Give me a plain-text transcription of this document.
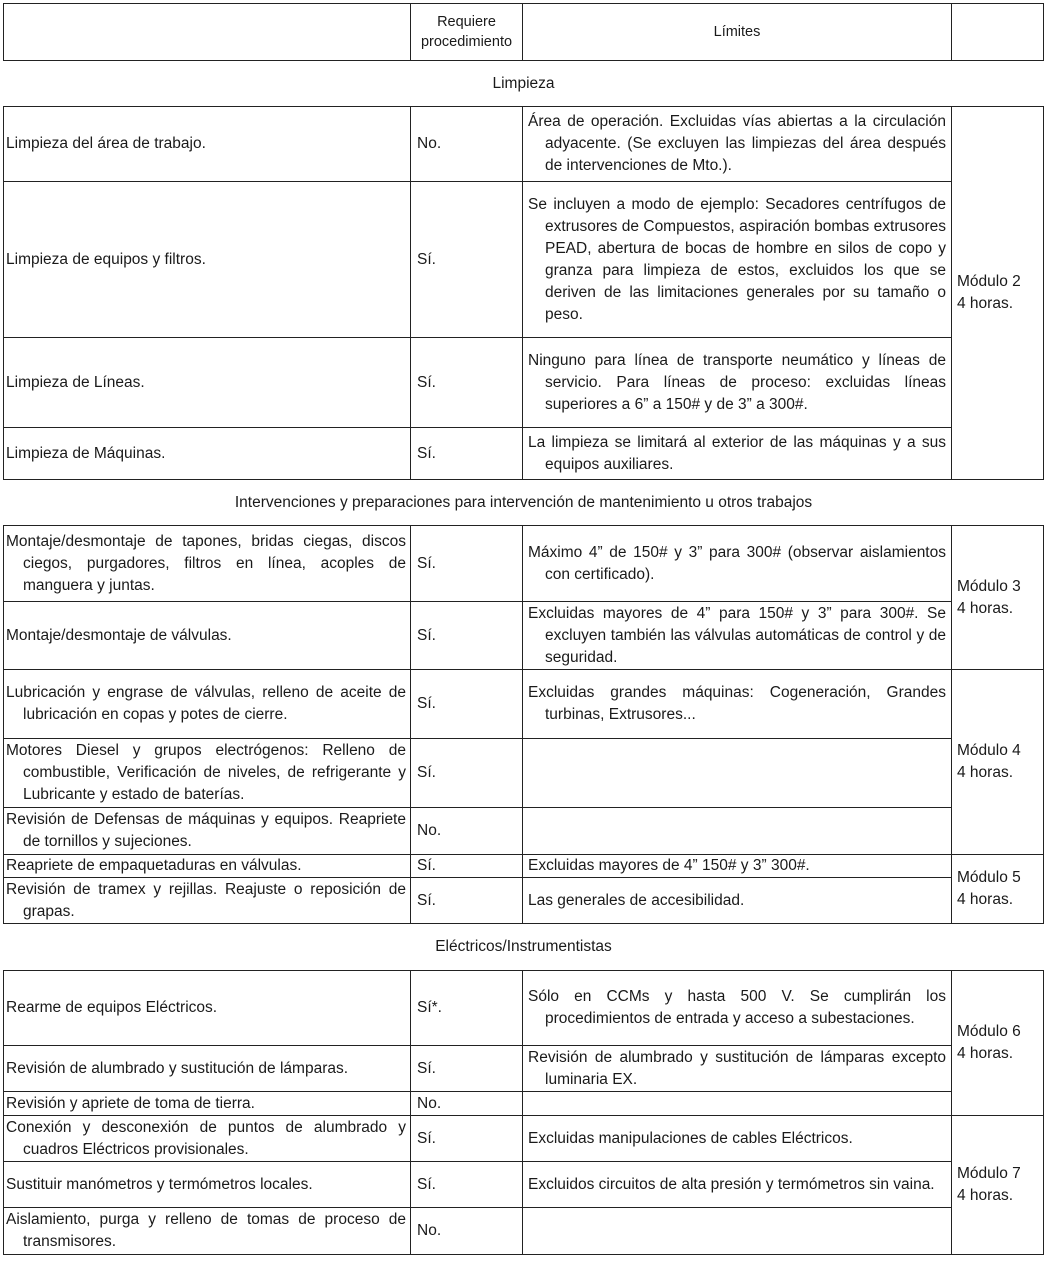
	Requiere procedimiento	Límites	
Limpieza			

Limpieza del área de trabajo.	No.	Área de operación. Excluidas vías abiertas a la circulación adyacente. (Se excluyen las limpiezas del área después de intervenciones de Mto.).	Módulo 2
4 horas.

Limpieza de equipos y filtros.	Sí.	Se incluyen a modo de ejemplo: Secadores centrífugos de extrusores de Compuestos, aspiración bombas extrusores PEAD, abertura de bocas de hombre en silos de copo y granza para limpieza de estos, excluidos los que se deriven de las limitaciones generales por su tamaño o peso.	

Limpieza de Líneas.	Sí.	Ninguno para línea de transporte neumático y líneas de servicio. Para líneas de proceso: excluidas líneas superiores a 6” a 150# y de 3” a 300#.	

Limpieza de Máquinas.	Sí.	La limpieza se limitará al exterior de las máquinas y a sus equipos auxiliares.	

Intervenciones y preparaciones para intervención de mantenimiento u otros trabajos			

Montaje/desmontaje de tapones, bridas ciegas, discos ciegos, purgadores, filtros en línea, acoples de manguera y juntas.	Sí.	Máximo 4” de 150# y 3” para 300# (observar aislamientos con certificado).	Módulo 3
4 horas.

Montaje/desmontaje de válvulas.	Sí.	Excluidas mayores de 4” para 150# y 3” para 300#. Se excluyen también las válvulas automáticas de control y de seguridad.	

Lubricación y engrase de válvulas, relleno de aceite de lubricación en copas y potes de cierre.	Sí.	Excluidas grandes máquinas: Cogeneración, Grandes turbinas, Extrusores...	Módulo 4
4 horas.

Motores Diesel y grupos electrógenos: Relleno de combustible, Verificación de niveles, de refrigerante y Lubricante y estado de baterías.	Sí.		

Revisión de Defensas de máquinas y equipos. Reapriete de tornillos y sujeciones.	No.		

Reapriete de empaquetaduras en válvulas.	Sí.	Excluidas mayores de 4” 150# y 3” 300#.	Módulo 5
4 horas.

Revisión de tramex y rejillas. Reajuste o reposición de grapas.	Sí.	Las generales de accesibilidad.	

Eléctricos/Instrumentistas			

Rearme de equipos Eléctricos.	Sí*.	Sólo en CCMs y hasta 500 V. Se cumplirán los procedimientos de entrada y acceso a subestaciones.	Módulo 6
4 horas.

Revisión de alumbrado y sustitución de lámparas.	Sí.	Revisión de alumbrado y sustitución de lámparas excepto luminaria EX.	

Revisión y apriete de toma de tierra.	No.		

Conexión y desconexión de puntos de alumbrado y cuadros Eléctricos provisionales.	Sí.	Excluidas manipulaciones de cables Eléctricos.	Módulo 7
4 horas.

Sustituir manómetros y termómetros locales.	Sí.	Excluidos circuitos de alta presión y termómetros sin vaina.	

Aislamiento, purga y relleno de tomas de proceso de transmisores.	No.		
